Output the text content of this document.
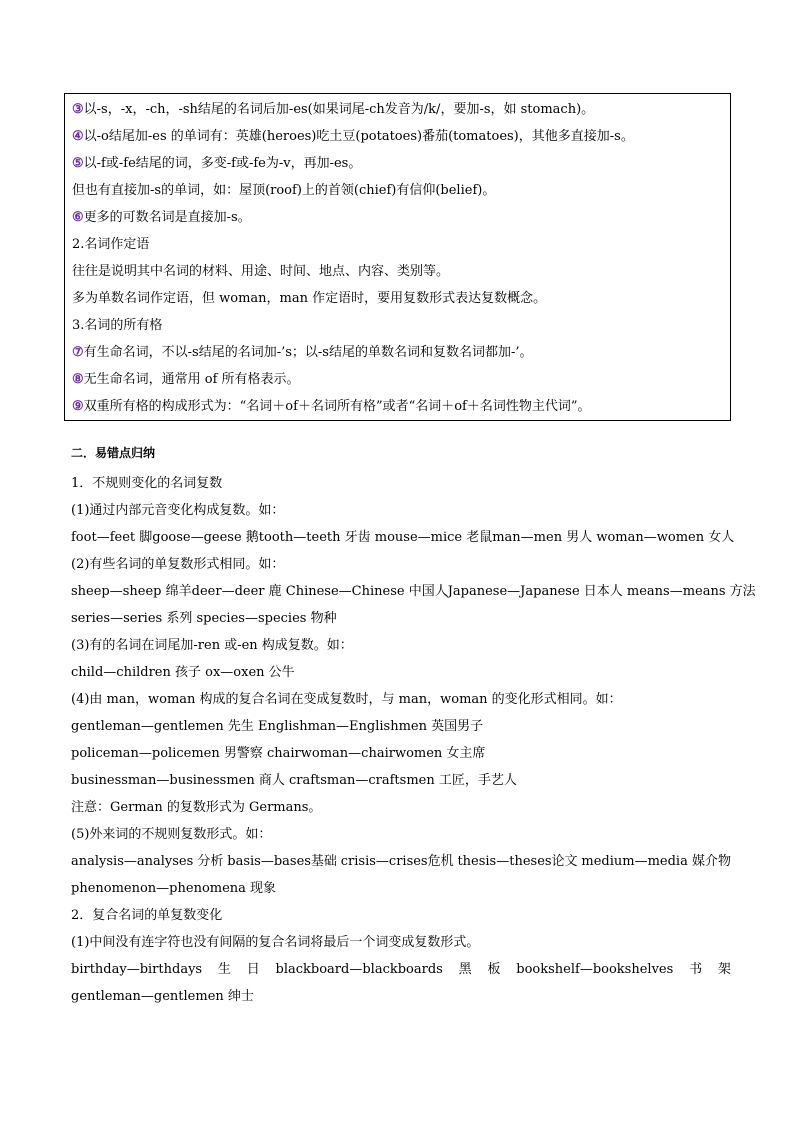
③以-s，-x，-ch，-sh结尾的名词后加-es(如果词尾-ch发音为/k/，要加-s，如 stomach)。
④以-o结尾加-es 的单词有：英雄(heroes)吃土豆(potatoes)番茄(tomatoes)，其他多直接加-s。
⑤以-f或-fe结尾的词，多变-f或-fe为-v，再加-es。
但也有直接加-s的单词，如：屋顶(roof)上的首领(chief)有信仰(belief)。
⑥更多的可数名词是直接加-s。
2.名词作定语
往往是说明其中名词的材料、用途、时间、地点、内容、类别等。
多为单数名词作定语，但 woman，man 作定语时，要用复数形式表达复数概念。
3.名词的所有格
⑦有生命名词，不以-s结尾的名词加-’s；以-s结尾的单数名词和复数名词都加-’。
⑧无生命名词，通常用 of 所有格表示。
⑨双重所有格的构成形式为：“名词＋of＋名词所有格”或者“名词＋of＋名词性物主代词”。
二．易错点归纳
1．不规则变化的名词复数
(1)通过内部元音变化构成复数。如：
foot—feet 脚 goose—geese 鹅 tooth—teeth 牙齿 mouse—mice 老鼠 man—men 男人 woman—women 女人
(2)有些名词的单复数形式相同。如：
sheep—sheep 绵羊 deer—deer 鹿 Chinese—Chinese 中国人 Japanese—Japanese 日本人 means—means 方法
series—series 系列 species—species 物种
(3)有的名词在词尾加-ren 或-en 构成复数。如：
child—children 孩子 ox—oxen 公牛
(4)由 man，woman 构成的复合名词在变成复数时，与 man，woman 的变化形式相同。如：
gentleman—gentlemen 先生 Englishman—Englishmen 英国男子
policeman—policemen 男警察 chairwoman—chairwomen 女主席
businessman—businessmen 商人 craftsman—craftsmen 工匠，手艺人
注意：German 的复数形式为 Germans。
(5)外来词的不规则复数形式。如：
analysis—analyses 分析 basis—bases基础 crisis—crises危机 thesis—theses论文 medium—media 媒介物
phenomenon—phenomena 现象
2．复合名词的单复数变化
(1)中间没有连字符也没有间隔的复合名词将最后一个词变成复数形式。
birthday—birthdays 生 日 blackboard—blackboards 黑 板 bookshelf—bookshelves 书 架
gentleman—gentlemen 绅士
